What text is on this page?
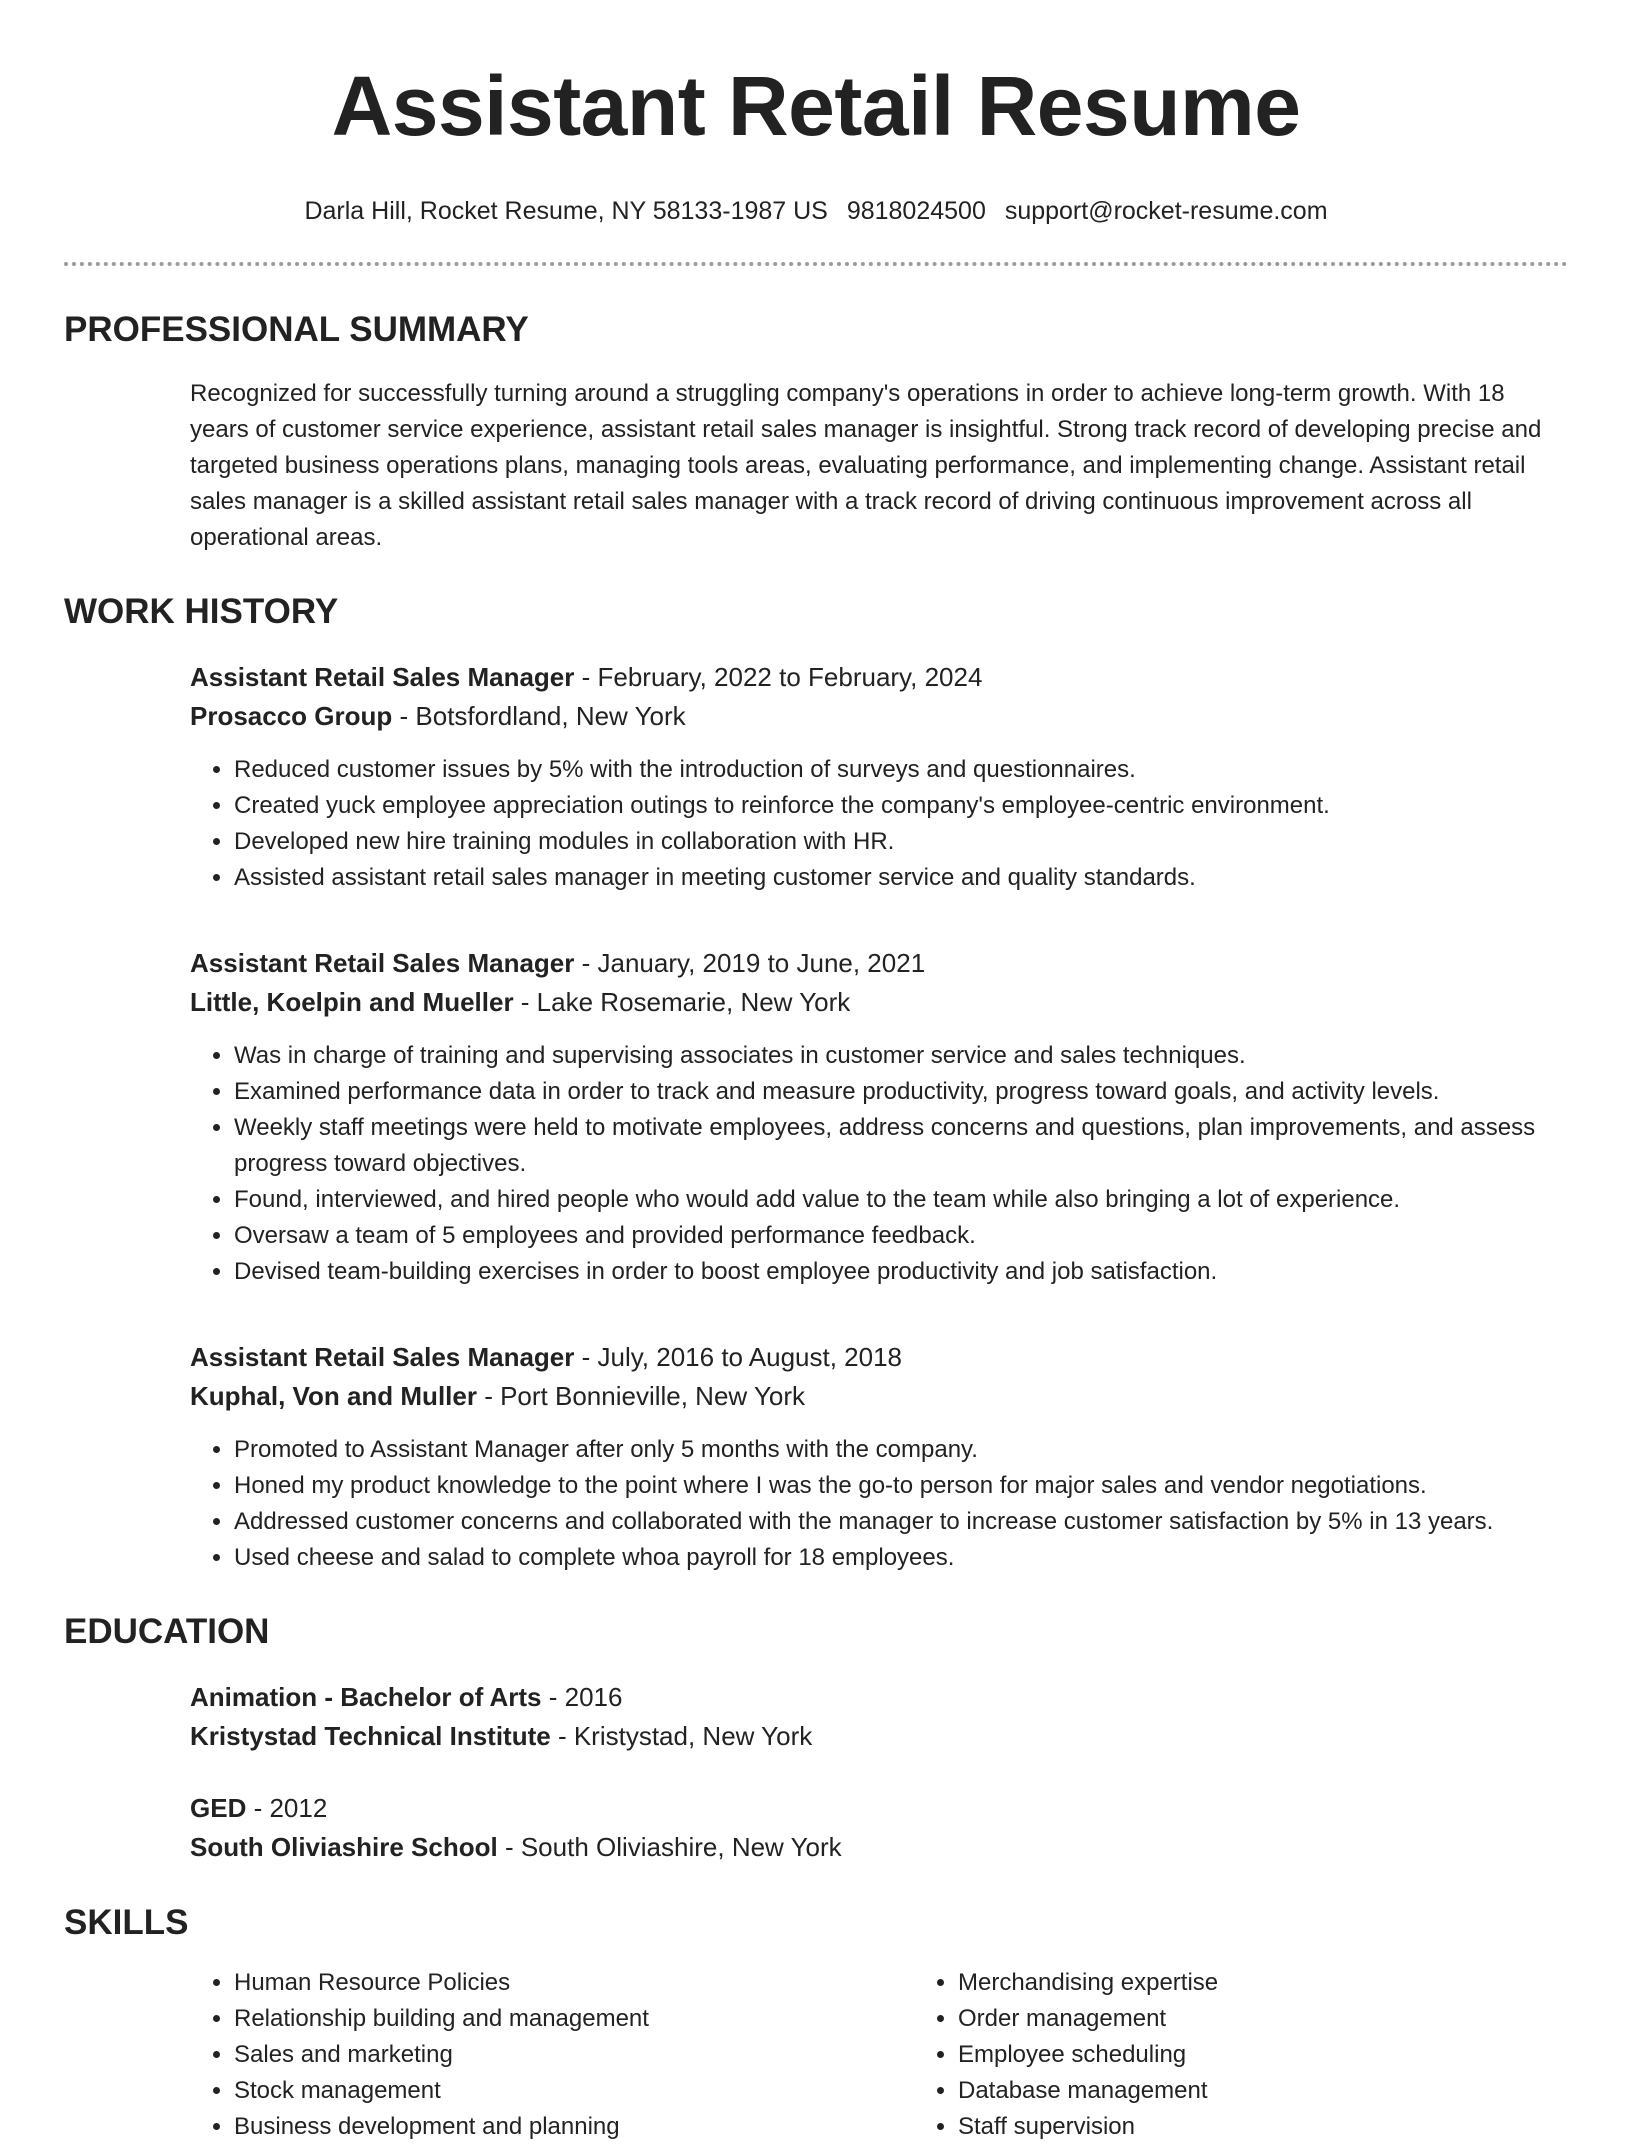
Assistant Retail Resume
Darla Hill, Rocket Resume, NY 58133-1987 US 9818024500 support@rocket-resume.com
PROFESSIONAL SUMMARY

Recognized for successfully turning around a struggling company's operations in order to achieve long-term growth. With 18 years of customer service experience, assistant retail sales manager is insightful. Strong track record of developing precise and targeted business operations plans, managing tools areas, evaluating performance, and implementing change. Assistant retail sales manager is a skilled assistant retail sales manager with a track record of driving continuous improvement across all operational areas.

WORK HISTORY
Assistant Retail Sales Manager - February, 2022 to February, 2024
Prosacco Group - Botsfordland, New York
• Reduced customer issues by 5% with the introduction of surveys and questionnaires.
• Created yuck employee appreciation outings to reinforce the company's employee-centric environment.
• Developed new hire training modules in collaboration with HR.
• Assisted assistant retail sales manager in meeting customer service and quality standards.
Assistant Retail Sales Manager - January, 2019 to June, 2021
Little, Koelpin and Mueller - Lake Rosemarie, New York
• Was in charge of training and supervising associates in customer service and sales techniques.
• Examined performance data in order to track and measure productivity, progress toward goals, and activity levels.
• Weekly staff meetings were held to motivate employees, address concerns and questions, plan improvements, and assess progress toward objectives.
• Found, interviewed, and hired people who would add value to the team while also bringing a lot of experience.
• Oversaw a team of 5 employees and provided performance feedback.
• Devised team-building exercises in order to boost employee productivity and job satisfaction.
Assistant Retail Sales Manager - July, 2016 to August, 2018
Kuphal, Von and Muller - Port Bonnieville, New York
• Promoted to Assistant Manager after only 5 months with the company.
• Honed my product knowledge to the point where I was the go-to person for major sales and vendor negotiations.
• Addressed customer concerns and collaborated with the manager to increase customer satisfaction by 5% in 13 years.
• Used cheese and salad to complete whoa payroll for 18 employees.
EDUCATION
Animation - Bachelor of Arts - 2016
Kristystad Technical Institute - Kristystad, New York
GED - 2012
South Oliviashire School - South Oliviashire, New York
SKILLS
• Human Resource Policies
• Relationship building and management
• Sales and marketing
• Stock management
• Business development and planning
• Merchandising expertise
• Order management
• Employee scheduling
• Database management
• Staff supervision
